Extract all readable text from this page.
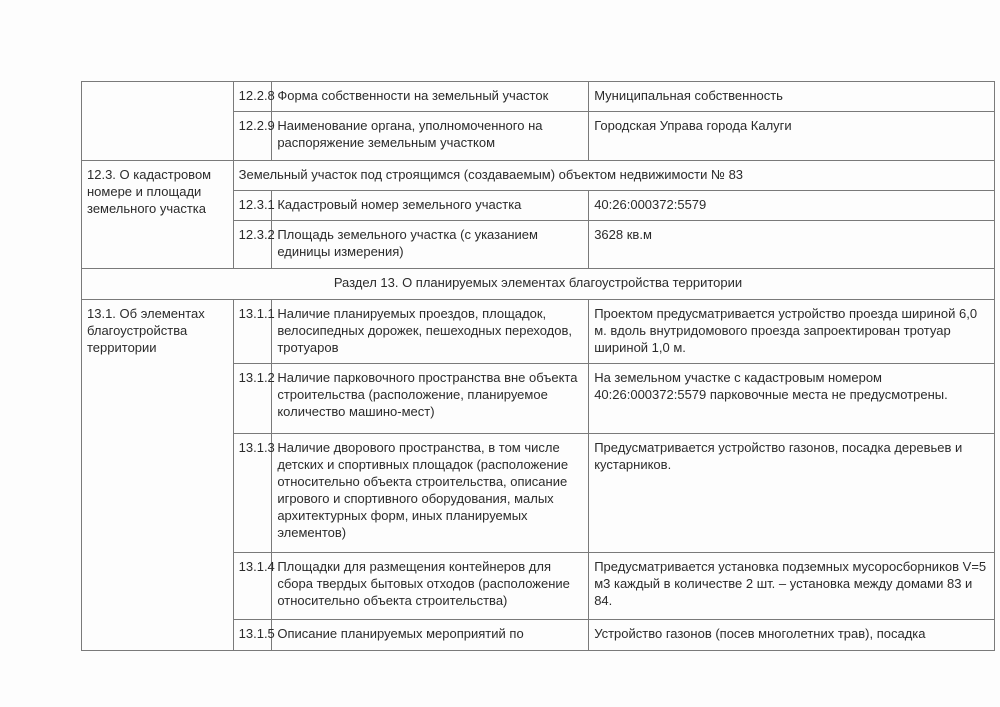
	12.2.8	Форма собственности на земельный участок	Муниципальная собственность
	12.2.9	Наименование органа, уполномоченного на распоряжение земельным участком	Городская Управа города Калуги
12.3. О кадастровом номере и площади земельного участка	Земельный участок под строящимся (создаваемым) объектом недвижимости № 83		
	12.3.1	Кадастровый номер земельного участка	40:26:000372:5579
	12.3.2	Площадь земельного участка (с указанием единицы измерения)	3628 кв.м
Раздел 13. О планируемых элементах благоустройства территории			
13.1. Об элементах благоустройства территории	13.1.1	Наличие планируемых проездов, площадок, велосипедных дорожек, пешеходных переходов, тротуаров	Проектом предусматривается устройство проезда шириной 6,0 м. вдоль внутридомового проезда запроектирован тротуар шириной 1,0 м.
	13.1.2	Наличие парковочного пространства вне объекта строительства (расположение, планируемое количество машино-мест)	На земельном участке с кадастровым номером 40:26:000372:5579 парковочные места не предусмотрены.
	13.1.3	Наличие дворового пространства, в том числе детских и спортивных площадок (расположение относительно объекта строительства, описание игрового и спортивного оборудования, малых архитектурных форм, иных планируемых элементов)	Предусматривается устройство газонов, посадка деревьев и кустарников.
	13.1.4	Площадки для размещения контейнеров для сбора твердых бытовых отходов (расположение относительно объекта строительства)	Предусматривается установка подземных мусоросборников V=5 м3 каждый в количестве 2 шт. – установка между домами 83 и 84.
	13.1.5	Описание планируемых мероприятий по	Устройство газонов (посев многолетних трав), посадка
